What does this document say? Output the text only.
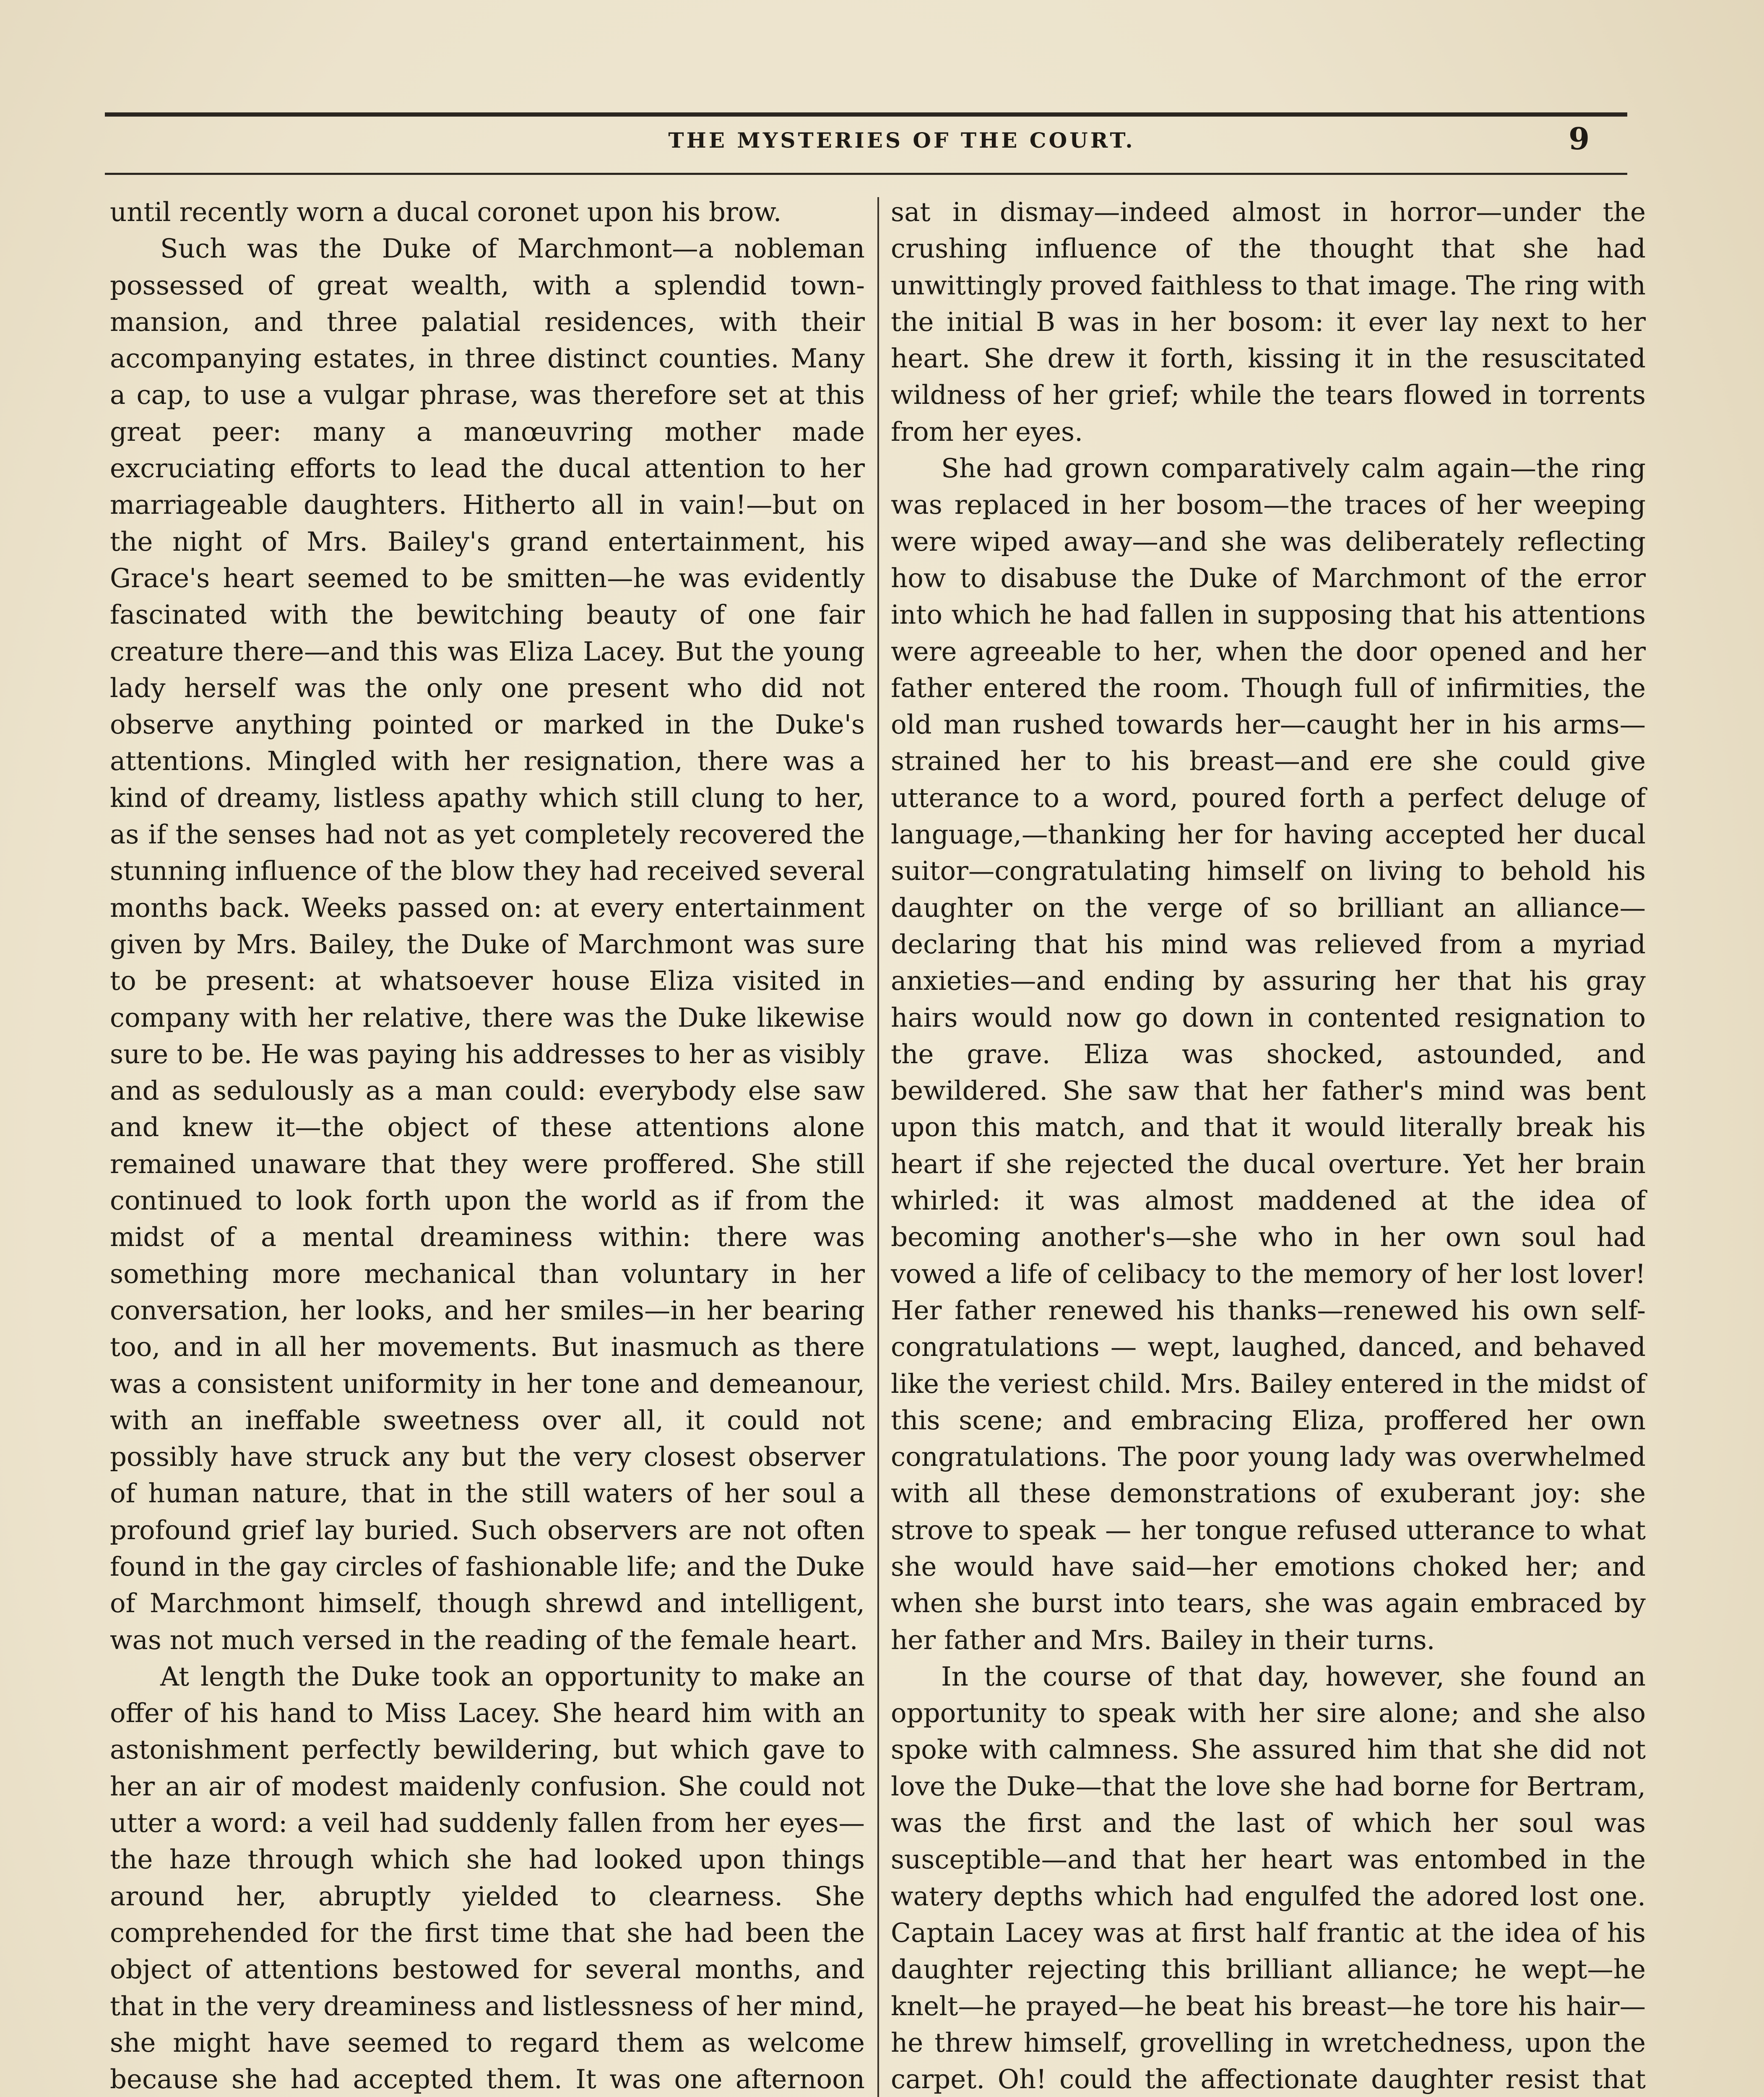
THE MYSTERIES OF THE COURT.	9

until recently worn a ducal coronet upon his brow.

Such was the Duke of Marchmont—a nobleman possessed of great wealth, with a splendid town-mansion, and three palatial residences, with their accompanying estates, in three distinct counties. Many a cap, to use a vulgar phrase, was therefore set at this great peer: many a manœuvring mother made excruciating efforts to lead the ducal attention to her marriageable daughters. Hitherto all in vain!—but on the night of Mrs. Bailey's grand entertainment, his Grace's heart seemed to be smitten—he was evidently fascinated with the bewitching beauty of one fair creature there—and this was Eliza Lacey. But the young lady herself was the only one present who did not observe anything pointed or marked in the Duke's attentions. Mingled with her resignation, there was a kind of dreamy, listless apathy which still clung to her, as if the senses had not as yet completely recovered the stunning influence of the blow they had received several months back. Weeks passed on: at every entertainment given by Mrs. Bailey, the Duke of Marchmont was sure to be present: at whatsoever house Eliza visited in company with her relative, there was the Duke likewise sure to be. He was paying his addresses to her as visibly and as sedulously as a man could: everybody else saw and knew it—the object of these attentions alone remained unaware that they were proffered. She still continued to look forth upon the world as if from the midst of a mental dreaminess within: there was something more mechanical than voluntary in her conversation, her looks, and her smiles—in her bearing too, and in all her movements. But inasmuch as there was a consistent uniformity in her tone and demeanour, with an ineffable sweetness over all, it could not possibly have struck any but the very closest observer of human nature, that in the still waters of her soul a profound grief lay buried. Such observers are not often found in the gay circles of fashionable life; and the Duke of Marchmont himself, though shrewd and intelligent, was not much versed in the reading of the female heart.

At length the Duke took an opportunity to make an offer of his hand to Miss Lacey. She heard him with an astonishment perfectly bewildering, but which gave to her an air of modest maidenly confusion. She could not utter a word: a veil had suddenly fallen from her eyes—the haze through which she had looked upon things around her, abruptly yielded to clearness. She comprehended for the first time that she had been the object of attentions bestowed for several months, and that in the very dreaminess and listlessness of her mind, she might have seemed to regard them as welcome because she had accepted them. It was one afternoon

sat in dismay—indeed almost in horror—under the crushing influence of the thought that she had unwittingly proved faithless to that image. The ring with the initial B was in her bosom: it ever lay next to her heart. She drew it forth, kissing it in the resuscitated wildness of her grief; while the tears flowed in torrents from her eyes.

She had grown comparatively calm again—the ring was replaced in her bosom—the traces of her weeping were wiped away—and she was deliberately reflecting how to disabuse the Duke of Marchmont of the error into which he had fallen in supposing that his attentions were agreeable to her, when the door opened and her father entered the room. Though full of infirmities, the old man rushed towards her—caught her in his arms—strained her to his breast—and ere she could give utterance to a word, poured forth a perfect deluge of language,—thanking her for having accepted her ducal suitor—congratulating himself on living to behold his daughter on the verge of so brilliant an alliance—declaring that his mind was relieved from a myriad anxieties—and ending by assuring her that his gray hairs would now go down in contented resignation to the grave. Eliza was shocked, astounded, and bewildered. She saw that her father's mind was bent upon this match, and that it would literally break his heart if she rejected the ducal overture. Yet her brain whirled: it was almost maddened at the idea of becoming another's—she who in her own soul had vowed a life of celibacy to the memory of her lost lover! Her father renewed his thanks—renewed his own self-congratulations — wept, laughed, danced, and behaved like the veriest child. Mrs. Bailey entered in the midst of this scene; and embracing Eliza, proffered her own congratulations. The poor young lady was overwhelmed with all these demonstrations of exuberant joy: she strove to speak — her tongue refused utterance to what she would have said—her emotions choked her; and when she burst into tears, she was again embraced by her father and Mrs. Bailey in their turns.

In the course of that day, however, she found an opportunity to speak with her sire alone; and she also spoke with calmness. She assured him that she did not love the Duke—that the love she had borne for Bertram, was the first and the last of which her soul was susceptible—and that her heart was entombed in the watery depths which had engulfed the adored lost one. Captain Lacey was at first half frantic at the idea of his daughter rejecting this brilliant alliance; he wept—he knelt—he prayed—he beat his breast—he tore his hair—he threw himself, grovelling in wretchedness, upon the carpet. Oh! could the affectionate daughter resist that
